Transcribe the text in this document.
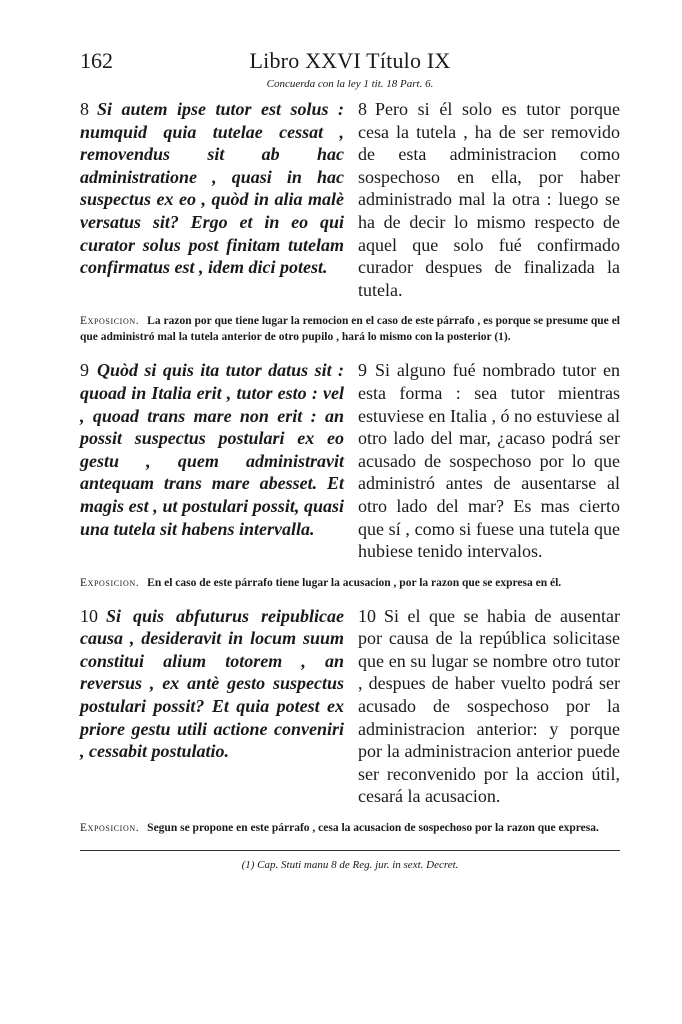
162	Libro XXVI Título IX
Concuerda con la ley 1 tit. 18 Part. 6.
8 Si autem ipse tutor est solus : numquid quia tutelae cessat , removendus sit ab hac administratione , quasi in hac suspectus ex eo , quòd in alia malè versatus sit? Ergo et in eo qui curator solus post finitam tutelam confirmatus est , idem dici potest.
8 Pero si él solo es tutor porque cesa la tutela , ha de ser removido de esta administracion como sospechoso en ella, por haber administrado mal la otra : luego se ha de decir lo mismo respecto de aquel que solo fué confirmado curador despues de finalizada la tutela.
Exposicion. La razon por que tiene lugar la remocion en el caso de este párrafo , es porque se presume que el que administró mal la tutela anterior de otro pupilo , hará lo mismo con la posterior (1).
9 Quòd si quis ita tutor datus sit : quoad in Italia erit , tutor esto : vel , quoad trans mare non erit : an possit suspectus postulari ex eo gestu , quem administravit antequam trans mare abesset. Et magis est , ut postulari possit, quasi una tutela sit habens intervalla.
9 Si alguno fué nombrado tutor en esta forma : sea tutor mientras estuviese en Italia , ó no estuviese al otro lado del mar, ¿acaso podrá ser acusado de sospechoso por lo que administró antes de ausentarse al otro lado del mar? Es mas cierto que sí , como si fuese una tutela que hubiese tenido intervalos.
Exposicion. En el caso de este párrafo tiene lugar la acusacion , por la razon que se expresa en él.
10 Si quis abfuturus reipublicae causa , desideravit in locum suum constitui alium totorem , an reversus , ex antè gesto suspectus postulari possit? Et quia potest ex priore gestu utili actione conveniri , cessabit postulatio.
10 Si el que se habia de ausentar por causa de la república solicitase que en su lugar se nombre otro tutor , despues de haber vuelto podrá ser acusado de sospechoso por la administracion anterior: y porque por la administracion anterior puede ser reconvenido por la accion útil, cesará la acusacion.
Exposicion. Segun se propone en este párrafo , cesa la acusacion de sospechoso por la razon que expresa.
(1) Cap. Stuti manu 8 de Reg. jur. in sext. Decret.
